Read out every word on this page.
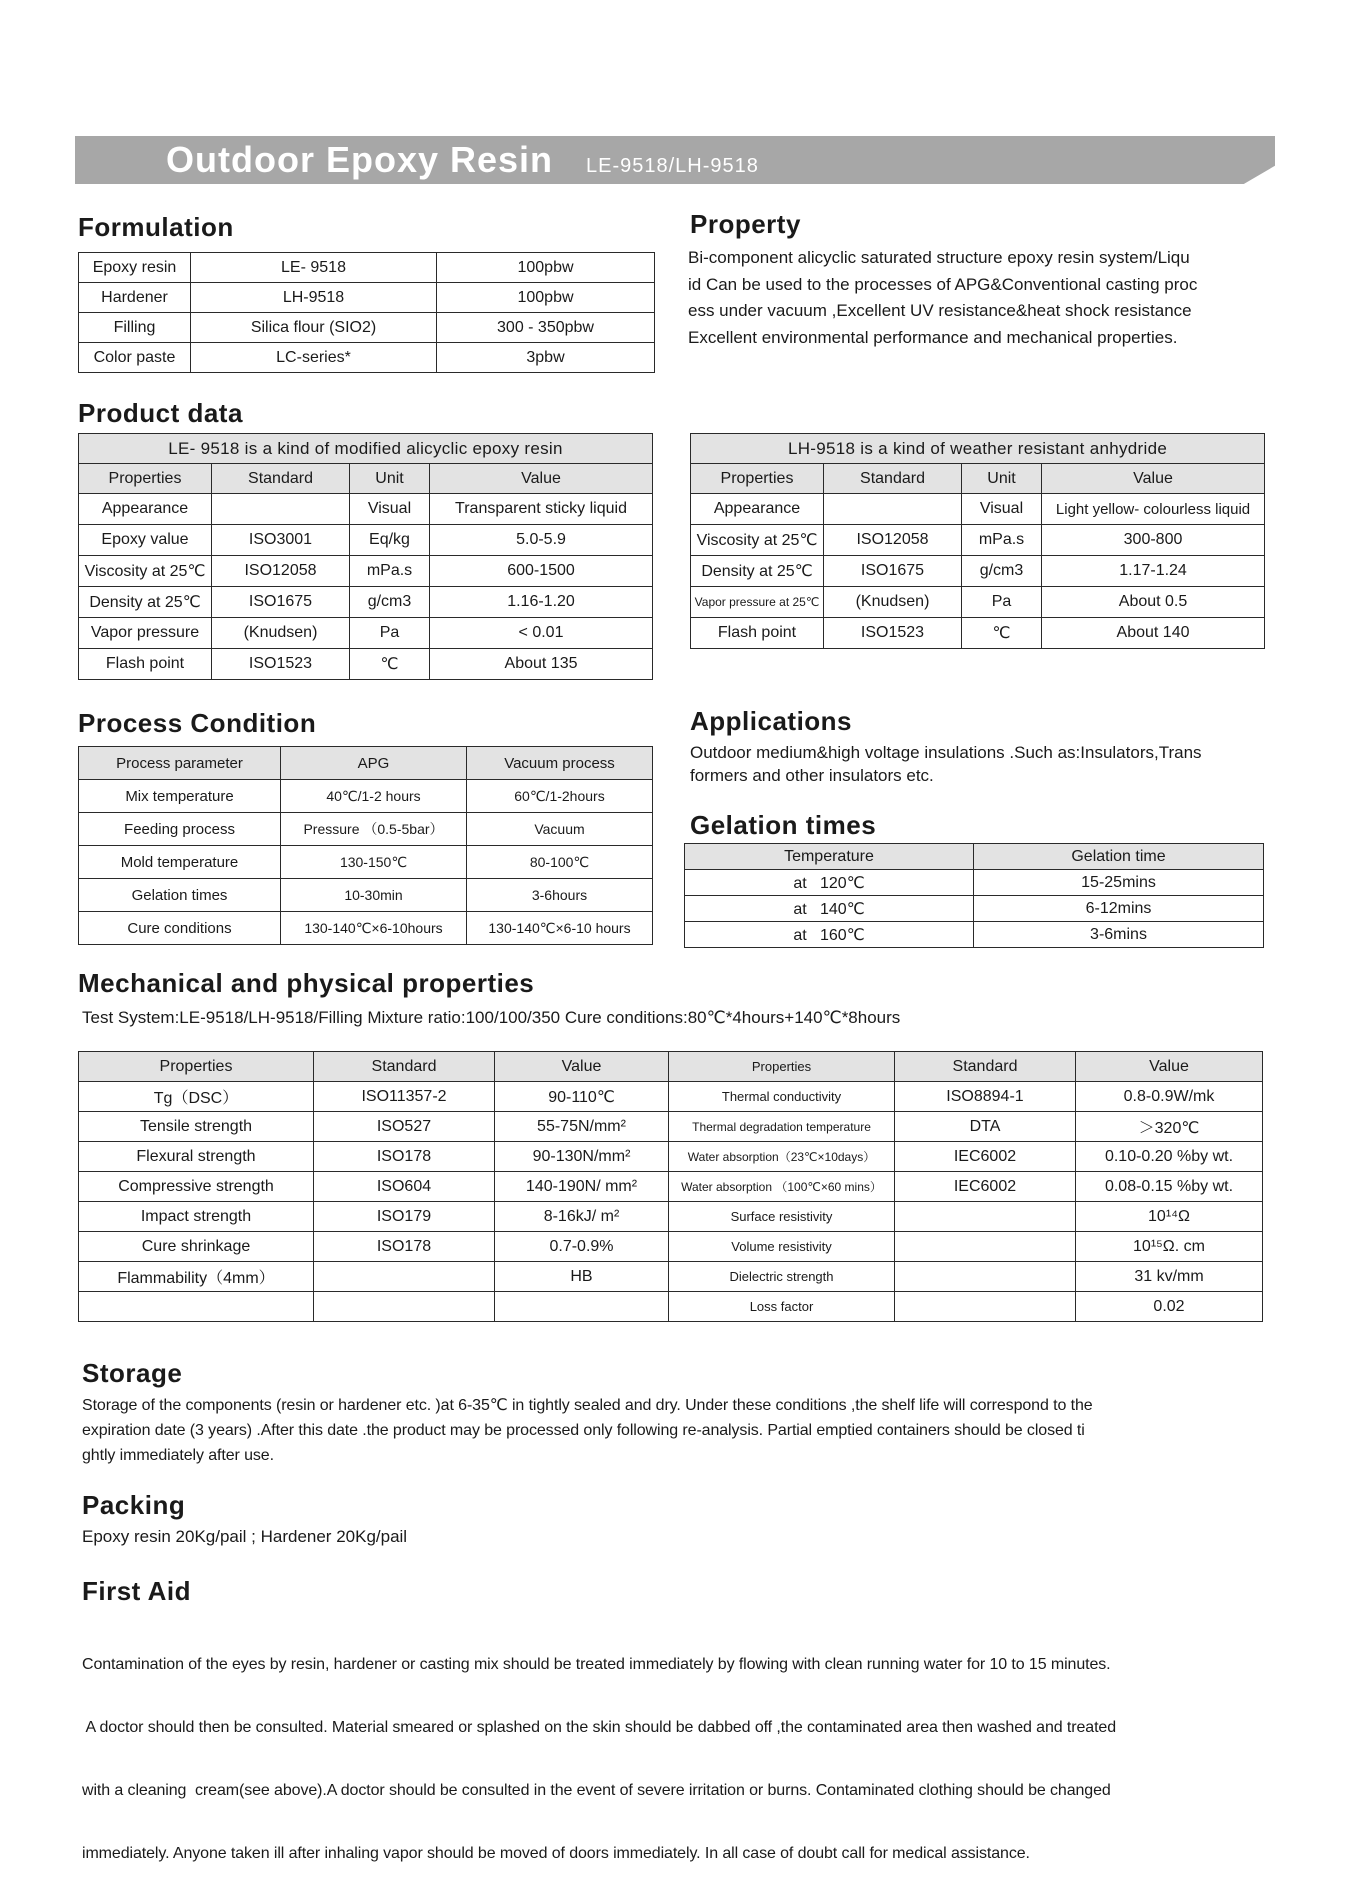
Outdoor Epoxy Resin LE-9518/LH-9518
Formulation
Epoxy resin	LE- 9518	100pbw
Hardener	LH-9518	100pbw
Filling	Silica flour (SIO2)	300 - 350pbw
Color paste	LC-series*	3pbw
Property
Bi-component alicyclic saturated structure epoxy resin system/Liqu
id Can be used to the processes of APG&Conventional casting proc
ess under vacuum ,Excellent UV resistance&heat shock resistance
Excellent environmental performance and mechanical properties.
Product data
LE- 9518 is a kind of modified alicyclic epoxy resin			
Properties	Standard	Unit	Value
Appearance		Visual	Transparent sticky liquid
Epoxy value	ISO3001	Eq/kg	5.0-5.9
Viscosity at 25℃	ISO12058	mPa.s	600-1500
Density at 25℃	ISO1675	g/cm3	1.16-1.20
Vapor pressure	(Knudsen)	Pa	< 0.01
Flash point	ISO1523	℃	About 135
LH-9518 is a kind of weather resistant anhydride			
Properties	Standard	Unit	Value
Appearance		Visual	Light yellow- colourless liquid
Viscosity at 25℃	ISO12058	mPa.s	300-800
Density at 25℃	ISO1675	g/cm3	1.17-1.24
Vapor pressure at 25℃	(Knudsen)	Pa	About 0.5
Flash point	ISO1523	℃	About 140
Process Condition
Process parameter	APG	Vacuum process
Mix temperature	40℃/1-2 hours	60℃/1-2hours
Feeding process	Pressure （0.5-5bar）	Vacuum
Mold temperature	130-150℃	80-100℃
Gelation times	10-30min	3-6hours
Cure conditions	130-140℃×6-10hours	130-140℃×6-10 hours
Applications
Outdoor medium&high voltage insulations .Such as:Insulators,Trans
formers and other insulators etc.
Gelation times
Temperature	Gelation time
at   120℃	15-25mins
at   140℃	6-12mins
at   160℃	3-6mins
Mechanical and physical properties
Test System:LE-9518/LH-9518/Filling Mixture ratio:100/100/350 Cure conditions:80℃*4hours+140℃*8hours
Properties	Standard	Value	Properties	Standard	Value
Tg（DSC）	ISO11357-2	90-110℃	Thermal conductivity	ISO8894-1	0.8-0.9W/mk
Tensile strength	ISO527	55-75N/mm²	Thermal degradation temperature	DTA	＞320℃
Flexural strength	ISO178	90-130N/mm²	Water absorption（23℃×10days）	IEC6002	0.10-0.20 %by wt.
Compressive strength	ISO604	140-190N/ mm²	Water absorption （100℃×60 mins）	IEC6002	0.08-0.15 %by wt.
Impact strength	ISO179	8-16kJ/ m²	Surface resistivity		10¹⁴Ω
Cure shrinkage	ISO178	0.7-0.9%	Volume resistivity		10¹⁵Ω. cm
Flammability（4mm）		HB	Dielectric strength		31 kv/mm
			Loss factor		0.02
Storage
Storage of the components (resin or hardener etc. )at 6-35℃ in tightly sealed and dry. Under these conditions ,the shelf life will correspond to the
expiration date (3 years) .After this date .the product may be processed only following re-analysis. Partial emptied containers should be closed ti
ghtly immediately after use.
Packing
Epoxy resin 20Kg/pail ; Hardener 20Kg/pail
First Aid

Contamination of the eyes by resin, hardener or casting mix should be treated immediately by flowing with clean running water for 10 to 15 minutes.

A doctor should then be consulted. Material smeared or splashed on the skin should be dabbed off ,the contaminated area then washed and treated

with a cleaning  cream(see above).A doctor should be consulted in the event of severe irritation or burns. Contaminated clothing should be changed

immediately. Anyone taken ill after inhaling vapor should be moved of doors immediately. In all case of doubt call for medical assistance.
